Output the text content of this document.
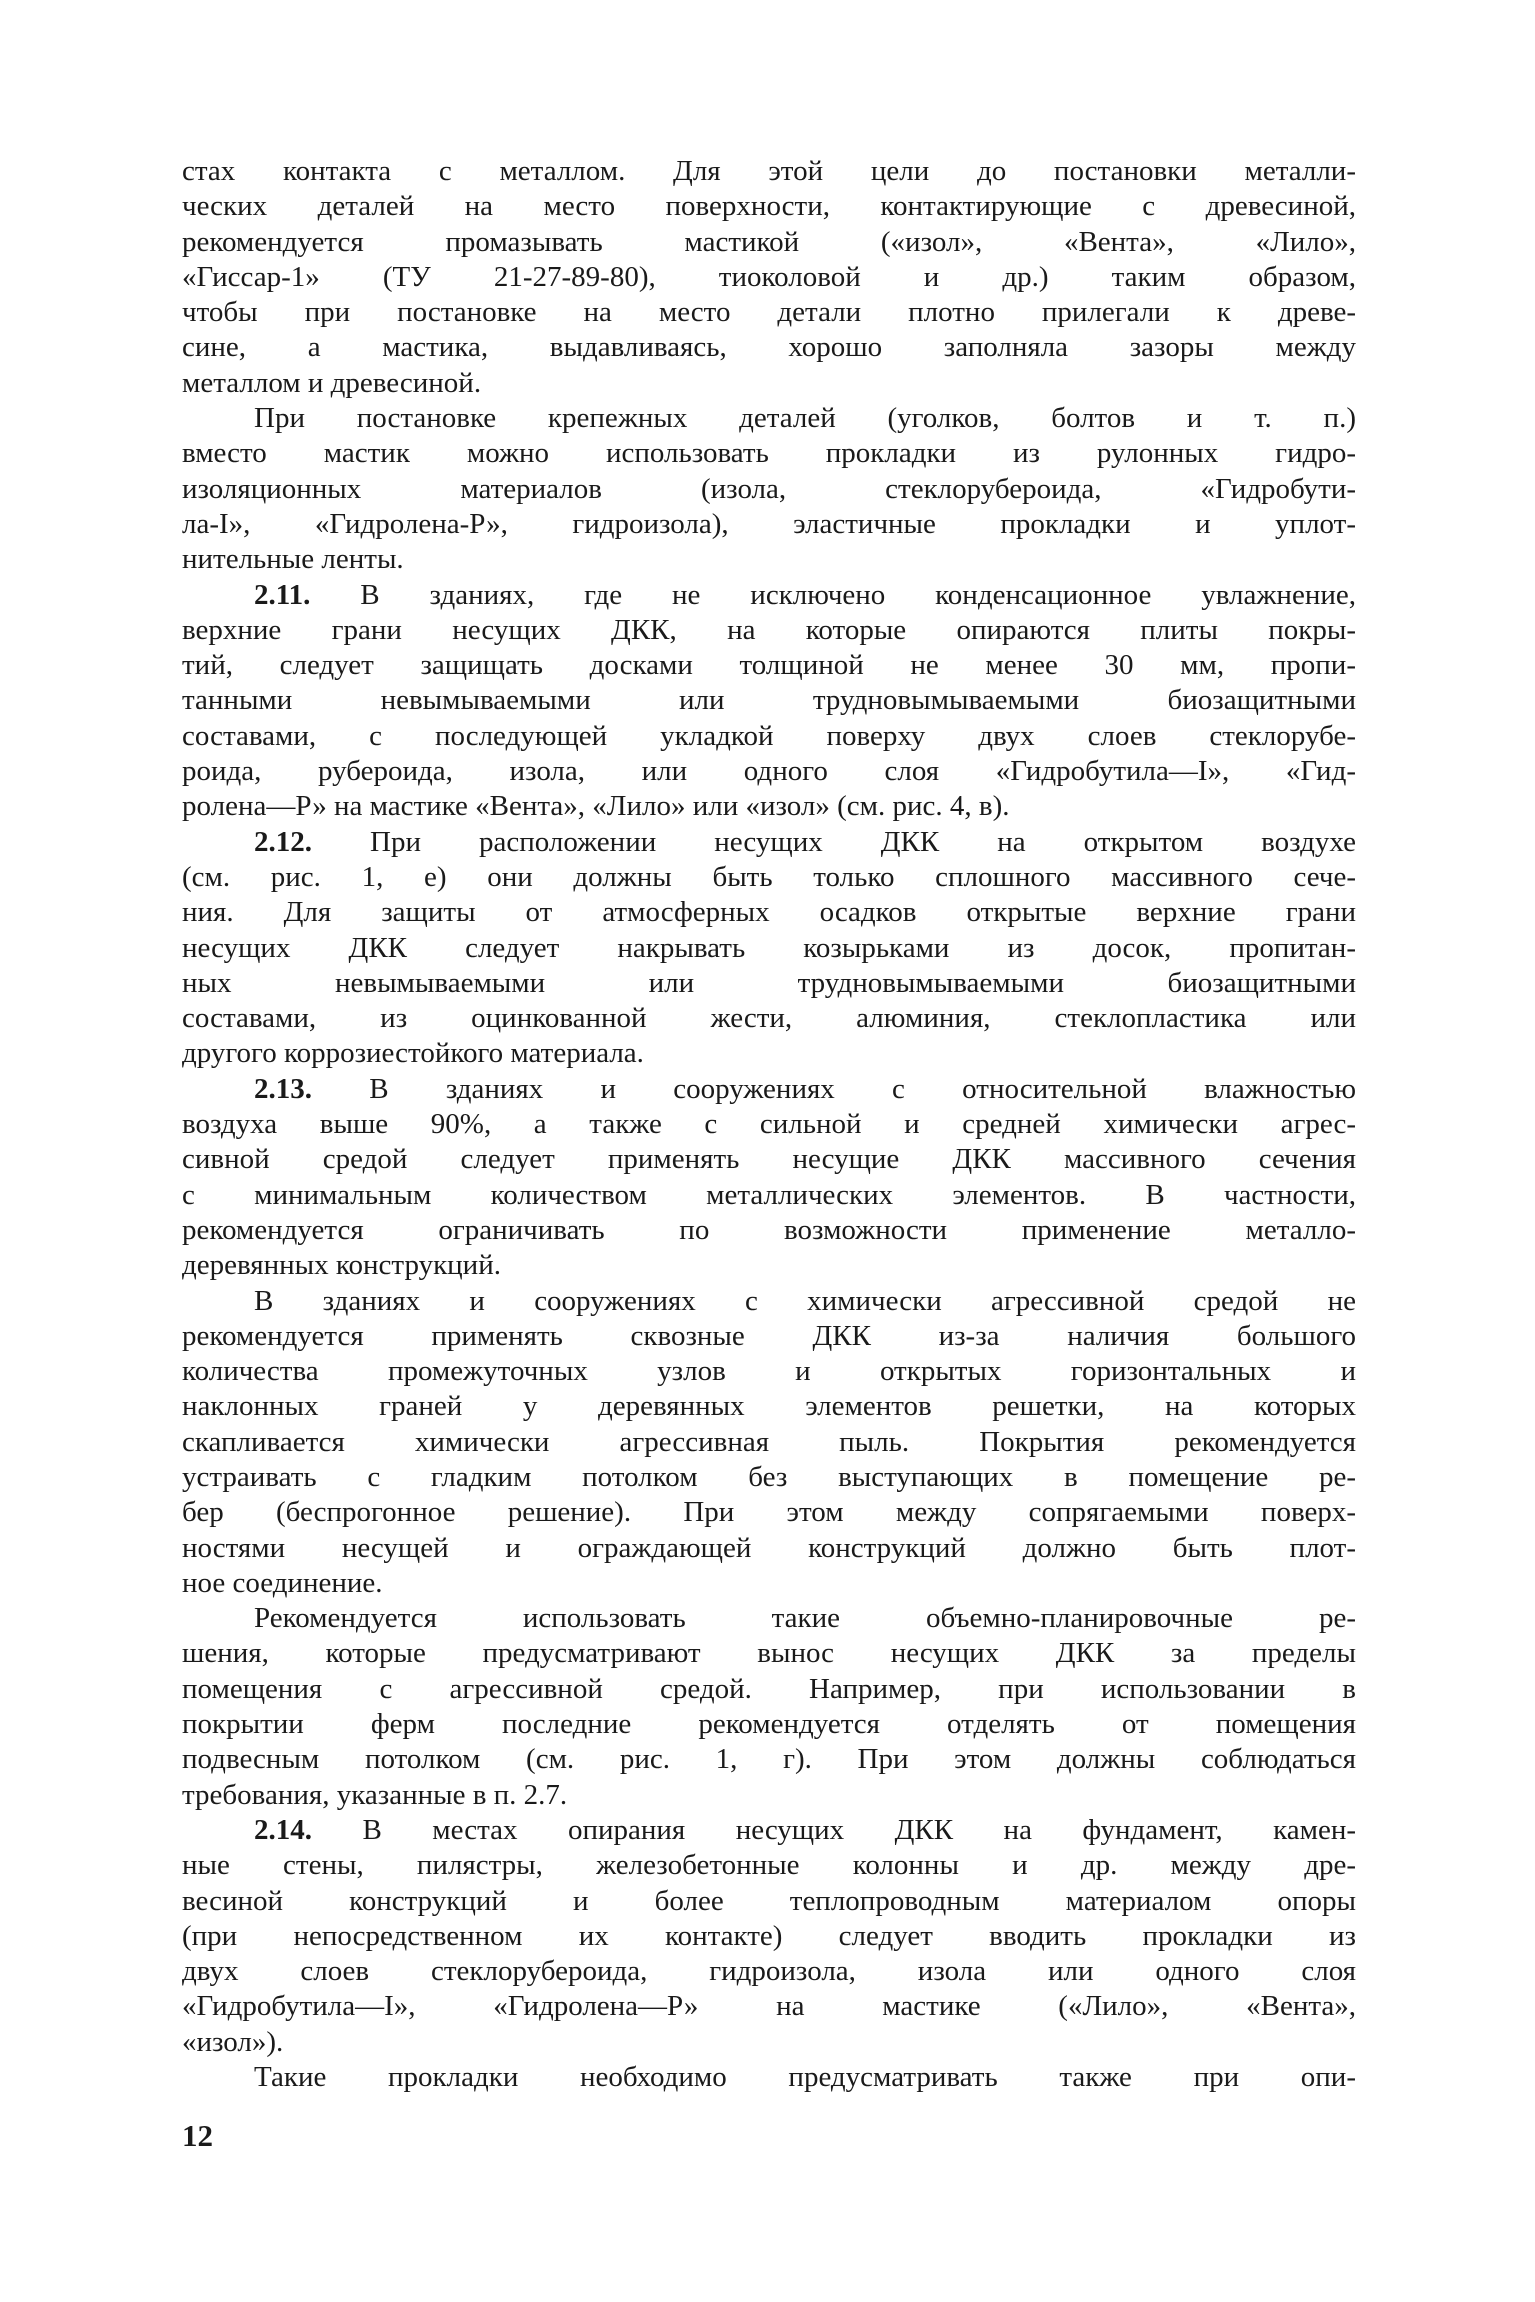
стах контакта с металлом. Для этой цели до постановки металли-
ческих деталей на место поверхности, контактирующие с древесиной,
рекомендуется промазывать мастикой («изол», «Вента», «Лило»,
«Гиссар-1» (ТУ 21-27-89-80), тиоколовой и др.) таким образом,
чтобы при постановке на место детали плотно прилегали к древе-
сине, а мастика, выдавливаясь, хорошо заполняла зазоры между
металлом и древесиной.
При постановке крепежных деталей (уголков, болтов и т. п.)
вместо мастик можно использовать прокладки из рулонных гидро-
изоляционных материалов (изола, стеклорубероида, «Гидробути-
ла-I», «Гидролена-Р», гидроизола), эластичные прокладки и уплот-
нительные ленты.
2.11. В зданиях, где не исключено конденсационное увлажнение,
верхние грани несущих ДКК, на которые опираются плиты покры-
тий, следует защищать досками толщиной не менее 30 мм, пропи-
танными невымываемыми или трудновымываемыми биозащитными
составами, с последующей укладкой поверху двух слоев стеклорубе-
роида, рубероида, изола, или одного слоя «Гидробутила—I», «Гид-
ролена—Р» на мастике «Вента», «Лило» или «изол» (см. рис. 4, в).
2.12. При расположении несущих ДКК на открытом воздухе
(см. рис. 1, е) они должны быть только сплошного массивного сече-
ния. Для защиты от атмосферных осадков открытые верхние грани
несущих ДКК следует накрывать козырьками из досок, пропитан-
ных невымываемыми или трудновымываемыми биозащитными
составами, из оцинкованной жести, алюминия, стеклопластика или
другого коррозиестойкого материала.
2.13. В зданиях и сооружениях с относительной влажностью
воздуха выше 90%, а также с сильной и средней химически агрес-
сивной средой следует применять несущие ДКК массивного сечения
с минимальным количеством металлических элементов. В частности,
рекомендуется ограничивать по возможности применение металло-
деревянных конструкций.
В зданиях и сооружениях с химически агрессивной средой не
рекомендуется применять сквозные ДКК из-за наличия большого
количества промежуточных узлов и открытых горизонтальных и
наклонных граней у деревянных элементов решетки, на которых
скапливается химически агрессивная пыль. Покрытия рекомендуется
устраивать с гладким потолком без выступающих в помещение ре-
бер (беспрогонное решение). При этом между сопрягаемыми поверх-
ностями несущей и ограждающей конструкций должно быть плот-
ное соединение.
Рекомендуется использовать такие объемно-планировочные ре-
шения, которые предусматривают вынос несущих ДКК за пределы
помещения с агрессивной средой. Например, при использовании в
покрытии ферм последние рекомендуется отделять от помещения
подвесным потолком (см. рис. 1, г). При этом должны соблюдаться
требования, указанные в п. 2.7.
2.14. В местах опирания несущих ДКК на фундамент, камен-
ные стены, пилястры, железобетонные колонны и др. между дре-
весиной конструкций и более теплопроводным материалом опоры
(при непосредственном их контакте) следует вводить прокладки из
двух слоев стеклорубероида, гидроизола, изола или одного слоя
«Гидробутила—I», «Гидролена—Р» на мастике («Лило», «Вента»,
«изол»).
Такие прокладки необходимо предусматривать также при опи-
12
